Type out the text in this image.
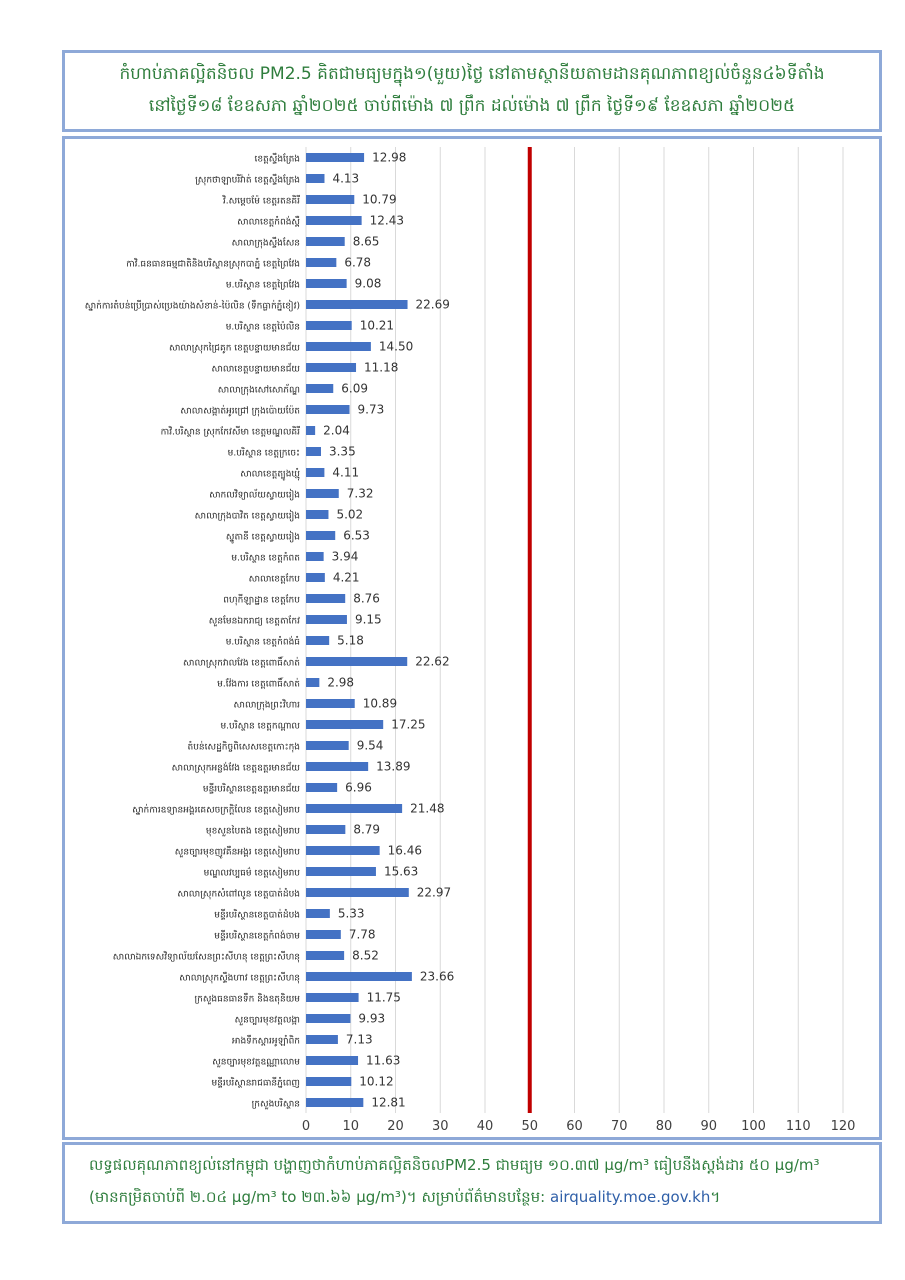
កំហាប់ភាគល្អិតនិចល PM2.5 គិតជាមធ្យមក្នុង១(មួយ)ថ្ងៃ នៅតាមស្ថានីយតាមដានគុណភាពខ្យល់ចំនួន៤៦ទីតាំង
នៅថ្ងៃទី១៨ ខែឧសភា ឆ្នាំ២០២៥ ចាប់ពីម៉ោង ៧ ព្រឹក ដល់ម៉ោង ៧ ព្រឹក ថ្ងៃទី១៩ ខែឧសភា ឆ្នាំ២០២៥
12.98
ខេត្តស្ទឹងត្រែង
4.13
ស្រុកថាឡាបរិវ៉ាត់ ខេត្តស្ទឹងត្រែង
10.79
វិ.សម្ដេចម៉ែ ខេត្តរតនគិរី
12.43
សាលាខេត្តកំពង់ស្ពឺ
8.65
សាលាក្រុងស្ទឹងសែន
6.78
កាវិ.ធនធានធម្មជាតិនិងបរិស្ថានស្រុកបាភ្នំ ខេត្តព្រៃវែង
9.08
ម.បរិស្ថាន ខេត្តព្រៃវែង
22.69
ស្នាក់ការតំបន់ប្រើប្រាស់ប្រេងយ៉ាងសំខាន់-ប៉ៃលិន (ទឹកធ្លាក់ភ្នំខៀវ)
10.21
ម.បរិស្ថាន ខេត្តប៉ៃលិន
14.50
សាលាស្រុកជ្រៃគូក ខេត្តបន្ទាយមានជ័យ
11.18
សាលាខេត្តបន្ទាយមានជ័យ
6.09
សាលាក្រុងសៅសោភ័ណ្ឌ
9.73
សាលាសង្កាត់អូរជ្រៅ ក្រុងប៉ោយប៉ែត
2.04
កាវិ.បរិស្ថាន ស្រុកកែវសីមា ខេត្តមណ្ឌលគិរី
3.35
ម.បរិស្ថាន ខេត្តក្រចេះ
4.11
សាលាខេត្តត្បូងឃ្មុំ
7.32
សាកលវិទ្យាល័យស្វាយរៀង
5.02
សាលាក្រុងបាវិត ខេត្តស្វាយរៀង
6.53
ស្នូតានី ខេត្តស្វាយរៀង
3.94
ម.បរិស្ថាន ខេត្តកំពត
4.21
សាលាខេត្តកែប
8.76
ពហុកីឡាដ្ឋាន ខេត្តកែប
9.15
សួនមែនឯករាជ្យ ខេត្តតាកែវ
5.18
ម.បរិស្ថាន ខេត្តកំពង់ធំ
22.62
សាលាស្រុកវាលវែង ខេត្តពោធិ៍សាត់
2.98
ម.វ៉ែងការ ខេត្តពោធិ៍សាត់
10.89
សាលាក្រុងព្រះវិហារ
17.25
ម.បរិស្ថាន ខេត្តកណ្ដាល
9.54
តំបន់សេដ្ឋកិច្ចពិសេសខេត្តកោះកុង
13.89
សាលាស្រុកអន្លង់វែង ខេត្តឧត្តរមានជ័យ
6.96
មន្ទីរបរិស្ថានខេត្តឧត្តរមានជ័យ
21.48
ស្នាក់ការឧទ្យានអង្គរគេសចក្រក្ដិលែន ខេត្តសៀមរាប
8.79
មុខសួនបៃតង ខេត្តសៀមរាប
16.46
សួនច្បារមុខញូវគឺនអង្គរ ខេត្តសៀមរាប
15.63
មណ្ឌលវប្បធម៌ ខេត្តសៀមរាប
22.97
សាលាស្រុកសំពៅលូន ខេត្តបាត់ដំបង
5.33
មន្ទីរបរិស្ថានខេត្តបាត់ដំបង
7.78
មន្ទីរបរិស្ថានខេត្តកំពង់ចាម
8.52
សាលាឯកទេសវិទ្យាល័យសែនព្រះសីហនុ ខេត្តព្រះសីហនុ
23.66
សាលាស្រុកស្ទឹងហាវ ខេត្តព្រះសីហនុ
11.75
ក្រសួងធនធានទឹក និងឧតុនិយម
9.93
សួនច្បារមុខវត្តលង្កា
7.13
អាងទឹកស្តារអូឡាំពិក
11.63
សួនច្បារមុខវត្តឧណ្ណាលោម
10.12
មន្ទីរបរិស្ថានរាជធានីភ្នំពេញ
12.81
ក្រសួងបរិស្ថាន
0 10 20 30 40 50 60 70 80 90 100 110 120
លទ្ធផលគុណភាពខ្យល់នៅកម្ពុជា បង្ហាញថាកំហាប់ភាគល្អិតនិចលPM2.5 ជាមធ្យម ១០.៣៧ µg/m³ ធៀបនឹងស្តង់ដារ ៥០ µg/m³
(មានកម្រិតចាប់ពី ២.០៤ µg/m³ to ២៣.៦៦ µg/m³)។ សម្រាប់ព័ត៌មានបន្ថែម: airquality.moe.gov.kh។
